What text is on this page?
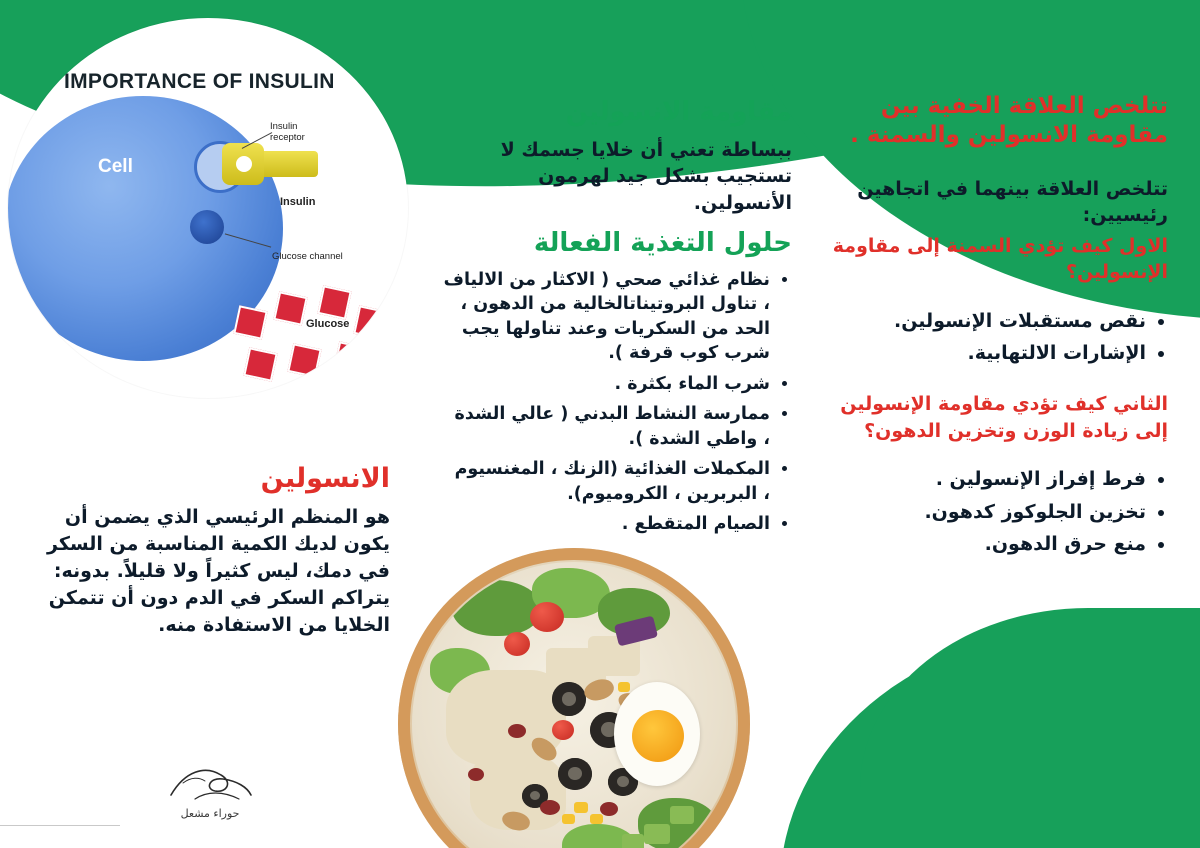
IMPORTANCE OF INSULIN
Cell
Insulin
receptor
Insulin
Glucose channel
Glucose
الانسولين

هو المنظم الرئيسي الذي يضمن أن يكون لديك الكمية المناسبة من السكر في دمك، ليس كثيراً ولا قليلاً. بدونه: يتراكم السكر في الدم دون أن تتمكن الخلايا من الاستفادة منه.

مقاومة الانسولين

ببساطة تعني أن خلايا جسمك لا تستجيب بشكل جيد لهرمون الأنسولين.

حلول التغذية الفعالة
• نظام غذائي صحي ( الاكثار من الالياف ، تناول البروتيناتالخالية من الدهون ، الحد من السكريات وعند تناولها يجب شرب كوب قرفة ).
• شرب الماء بكثرة .
• ممارسة النشاط البدني ( عالي الشدة ، واطي الشدة ).
• المكملات الغذائية (الزنك ، المغنسيوم ، البربرين ، الكروميوم).
• الصيام المتقطع .
تتلخص العلاقة الخفية بين مقاومة الانسولين والسمنة .

تتلخص العلاقة بينهما في اتجاهين رئيسيين:

الاول كيف تؤدي السمنة إلى مقاومة الإنسولين؟

• نقص مستقبلات الإنسولين.
• الإشارات الالتهابية.

الثاني كيف تؤدي مقاومة الإنسولين إلى زيادة الوزن وتخزين الدهون؟

• فرط إفراز الإنسولين .
• تخزين الجلوكوز كدهون.
• منع حرق الدهون.
حوراء مشعل
